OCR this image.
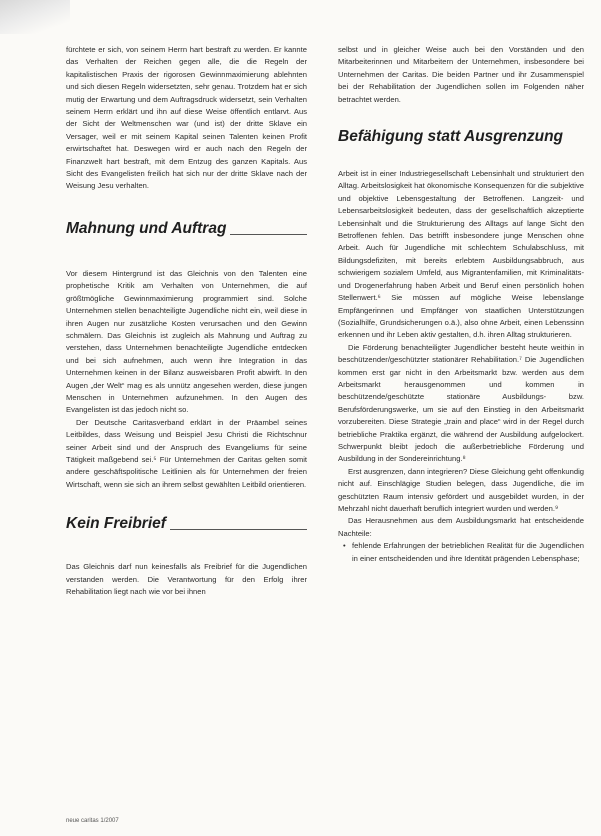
fürchtete er sich, von seinem Herrn hart bestraft zu werden. Er kannte das Verhalten der Reichen gegen alle, die die Regeln der kapitalistischen Praxis der rigorosen Gewinnmaximierung ablehnten und sich diesen Regeln widersetzten, sehr genau. Trotzdem hat er sich mutig der Erwartung und dem Auftragsdruck widersetzt, sein Verhalten seinem Herrn erklärt und ihn auf diese Weise öffentlich entlarvt. Aus der Sicht der Weltmenschen war (und ist) der dritte Sklave ein Versager, weil er mit seinem Kapital seinen Talenten keinen Profit erwirtschaftet hat. Deswegen wird er auch nach den Regeln der Finanzwelt hart bestraft, mit dem Entzug des ganzen Kapitals. Aus Sicht des Evangelisten freilich hat sich nur der dritte Sklave nach der Weisung Jesu verhalten.

Mahnung und Auftrag

Vor diesem Hintergrund ist das Gleichnis von den Talenten eine prophetische Kritik am Verhalten von Unternehmen, die auf größtmögliche Gewinnmaximierung programmiert sind. Solche Unternehmen stellen benachteiligte Jugendliche nicht ein, weil diese in ihren Augen nur zusätzliche Kosten verursachen und den Gewinn schmälern. Das Gleichnis ist zugleich als Mahnung und Auftrag zu verstehen, dass Unternehmen benachteiligte Jugendliche entdecken und bei sich aufnehmen, auch wenn ihre Integration in das Unternehmen keinen in der Bilanz ausweisbaren Profit abwirft. In den Augen „der Welt“ mag es als unnütz angesehen werden, diese jungen Menschen in Unternehmen aufzunehmen. In den Augen des Evangelisten ist das jedoch nicht so.

Der Deutsche Caritasverband erklärt in der Präambel seines Leitbildes, dass Weisung und Beispiel Jesu Christi die Richtschnur seiner Arbeit sind und der Anspruch des Evangeliums für seine Tätigkeit maßgebend sei.⁵ Für Unternehmen der Caritas gelten somit andere geschäftspolitische Leitlinien als für Unternehmen der freien Wirtschaft, wenn sie sich an ihrem selbst gewählten Leitbild orientieren.

Kein Freibrief

Das Gleichnis darf nun keinesfalls als Freibrief für die Jugendlichen verstanden werden. Die Verantwortung für den Erfolg ihrer Rehabilitation liegt nach wie vor bei ihnen

selbst und in gleicher Weise auch bei den Vorständen und den Mitarbeiterinnen und Mitarbeitern der Unternehmen, insbesondere bei Unternehmen der Caritas. Die beiden Partner und ihr Zusammenspiel bei der Rehabilitation der Jugendlichen sollen im Folgenden näher betrachtet werden.

Befähigung statt Ausgrenzung

Arbeit ist in einer Industriegesellschaft Lebensinhalt und strukturiert den Alltag. Arbeitslosigkeit hat ökonomische Konsequenzen für die subjektive und objektive Lebensgestaltung der Betroffenen. Langzeit- und Lebensarbeitslosigkeit bedeuten, dass der gesellschaftlich akzeptierte Lebensinhalt und die Strukturierung des Alltags auf lange Sicht den Betroffenen fehlen. Das betrifft insbesondere junge Menschen ohne Arbeit. Auch für Jugendliche mit schlechtem Schulabschluss, mit Bildungsdefiziten, mit bereits erlebtem Ausbildungsabbruch, aus schwierigem sozialem Umfeld, aus Migrantenfamilien, mit Kriminalitäts- und Drogenerfahrung haben Arbeit und Beruf einen persönlich hohen Stellenwert.⁶ Sie müssen auf mögliche Weise lebenslange Empfängerinnen und Empfänger von staatlichen Unterstützungen (Sozialhilfe, Grundsicherungen o.ä.), also ohne Arbeit, einen Lebenssinn erkennen und ihr Leben aktiv gestalten, d.h. ihren Alltag strukturieren.

Die Förderung benachteiligter Jugendlicher besteht heute weithin in beschützender/geschützter stationärer Rehabilitation.⁷ Die Jugendlichen kommen erst gar nicht in den Arbeitsmarkt bzw. werden aus dem Arbeitsmarkt herausgenommen und kommen in beschützende/geschützte stationäre Ausbildungs- bzw. Berufsförderungswerke, um sie auf den Einstieg in den Arbeitsmarkt vorzubereiten. Diese Strategie „train and place“ wird in der Regel durch betriebliche Praktika ergänzt, die während der Ausbildung aufgelockert. Schwerpunkt bleibt jedoch die außerbetriebliche Förderung und Ausbildung in der Sondereinrichtung.⁸

Erst ausgrenzen, dann integrieren? Diese Gleichung geht offenkundig nicht auf. Einschlägige Studien belegen, dass Jugendliche, die im geschützten Raum intensiv gefördert und ausgebildet wurden, in der Mehrzahl nicht dauerhaft beruflich integriert wurden und werden.⁹

Das Herausnehmen aus dem Ausbildungsmarkt hat entscheidende Nachteile:

• fehlende Erfahrungen der betrieblichen Realität für die Jugendlichen in einer entscheidenden und ihre Identität prägenden Lebensphase;
neue caritas 1/2007
